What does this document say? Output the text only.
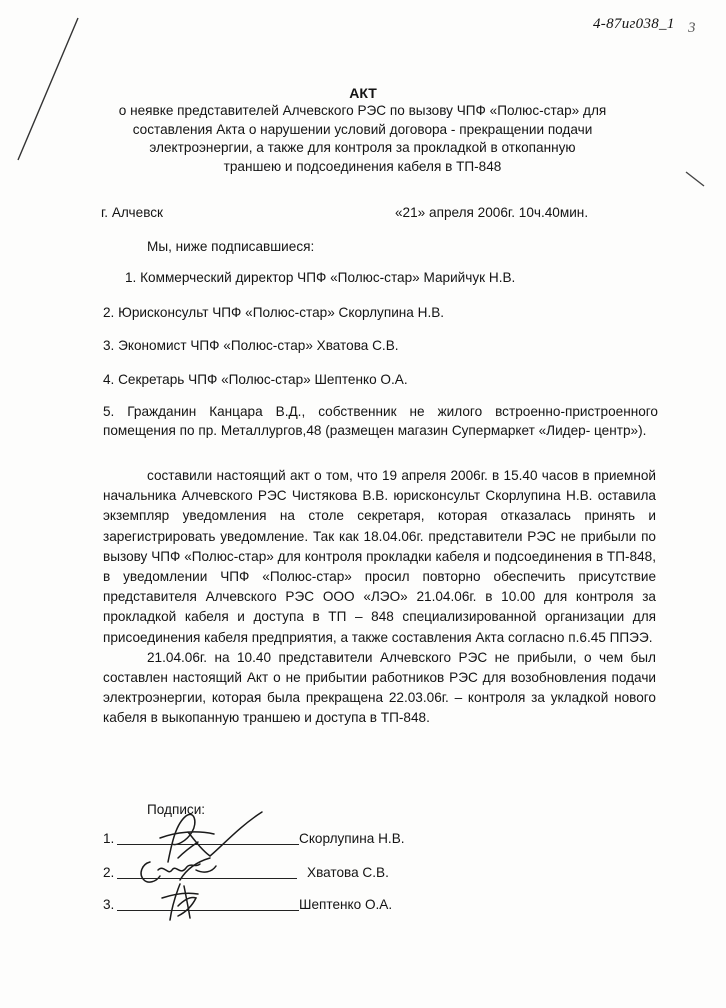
4-87иг038_1 3
АКТ
о неявке представителей Алчевского РЭС по вызову ЧПФ «Полюс-стар» для
составления Акта о нарушении условий договора - прекращении подачи
электроэнергии, а также для контроля за прокладкой в откопанную
траншею и подсоединения кабеля в ТП-848
г. Алчевск	«21» апреля 2006г. 10ч.40мин.
Мы, ниже подписавшиеся:
1. Коммерческий директор ЧПФ «Полюс-стар» Марийчук Н.В.
2. Юрисконсульт ЧПФ «Полюс-стар» Скорлупина Н.В.
3. Экономист ЧПФ «Полюс-стар» Хватова С.В.
4. Секретарь ЧПФ «Полюс-стар» Шептенко О.А.
5. Гражданин Канцара В.Д., собственник не жилого встроенно-пристроенного помещения по пр. Металлургов,48 (размещен магазин Супермаркет «Лидер- центр»).

составили настоящий акт о том, что 19 апреля 2006г. в 15.40 часов в приемной начальника Алчевского РЭС Чистякова В.В. юрисконсульт Скорлупина Н.В. оставила экземпляр уведомления на столе секретаря, которая отказалась принять и зарегистрировать уведомление. Так как 18.04.06г. представители РЭС не прибыли по вызову ЧПФ «Полюс-стар» для контроля прокладки кабеля и подсоединения в ТП-848, в уведомлении ЧПФ «Полюс-стар» просил повторно обеспечить присутствие представителя Алчевского РЭС ООО «ЛЭО» 21.04.06г. в 10.00 для контроля за прокладкой кабеля и доступа в ТП – 848 специализированной организации для присоединения кабеля предприятия, а также составления Акта согласно п.6.45 ППЭЭ.

21.04.06г. на 10.40 представители Алчевского РЭС не прибыли, о чем был составлен настоящий Акт о не прибытии работников РЭС для возобновления подачи электроэнергии, которая была прекращена 22.03.06г. – контроля за укладкой нового кабеля в выкопанную траншею и доступа в ТП-848.

Подписи:
1.	Скорлупина Н.В.
2.	Хватова С.В.
3.	Шептенко О.А.
